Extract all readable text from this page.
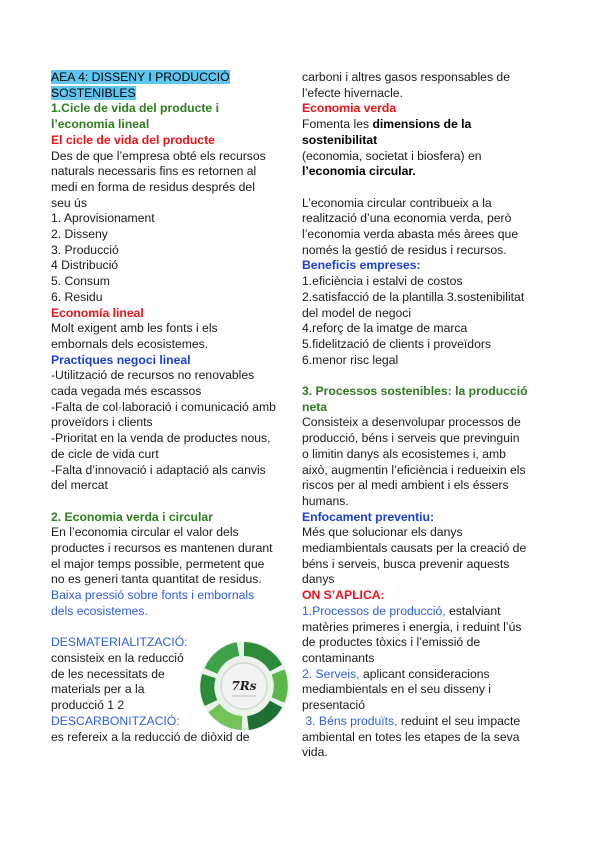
AEA 4: DISSENY I PRODUCCIÓ
SOSTENIBLES
1.Cicle de vida del producte i
l’economia lineal
El cicle de vida del producte
Des de que l’empresa obté els recursos
naturals necessaris fins es retornen al
medi en forma de residus després del
seu ús
1. Aprovisionament
2. Disseny
3. Producció
4 Distribució
5. Consum
6. Residu
Economía lineal
Molt exigent amb les fonts i els
embornals dels ecosistemes.
Practiques negoci lineal
-Utilització de recursos no renovables
cada vegada més escassos
-Falta de col·laboració i comunicació amb
proveïdors i clients
-Prioritat en la venda de productes nous,
de cicle de vida curt
-Falta d’innovació i adaptació als canvis
del mercat
2. Economia verda i circular
En l’economia circular el valor dels
productes i recursos es mantenen durant
el major temps possible, permetent que
no es generi tanta quantitat de residus.
Baixa pressió sobre fonts i embornals
dels ecosistemes.
DESMATERIALITZACIÓ:
consisteix en la reducció
de les necessitats de
materials per a la
producció 1 2
DESCARBONITZACIÓ:
es refereix a la reducció de diòxid de
7Rs
carboni i altres gasos responsables de
l’efecte hivernacle.
Economia verda
Fomenta les dimensions de la sostenibilitat
(economia, societat i biosfera) en
l’economia circular.
L’economia circular contribueix a la
realització d’una economia verda, però
l’economia verda abasta més àrees que
només la gestió de residus i recursos.
Beneficis empreses:
1.eficiència i estalvi de costos
2.satisfacció de la plantilla 3.sostenibilitat
del model de negoci
4.reforç de la imatge de marca
5.fidelització de clients i proveïdors
6.menor risc legal
3. Processos sostenibles: la producció
neta
Consisteix a desenvolupar processos de
producció, béns i serveis que previnguin
o limitin danys als ecosistemes i, amb
això, augmentin l’eficiència i redueixin els
riscos per al medi ambient i els éssers
humans.
Enfocament preventiu:
Més que solucionar els danys
mediambientals causats per la creació de
béns i serveis, busca prevenir aquests
danys
ON S’APLICA:
1.Processos de producció, estalviant
matèries primeres i energia, i reduint l’ús
de productes tòxics i l’emissió de
contaminants
2. Serveis, aplicant consideracions
mediambientals en el seu disseny i
presentació
3. Béns produïts, reduint el seu impacte
ambiental en totes les etapes de la seva
vida.
